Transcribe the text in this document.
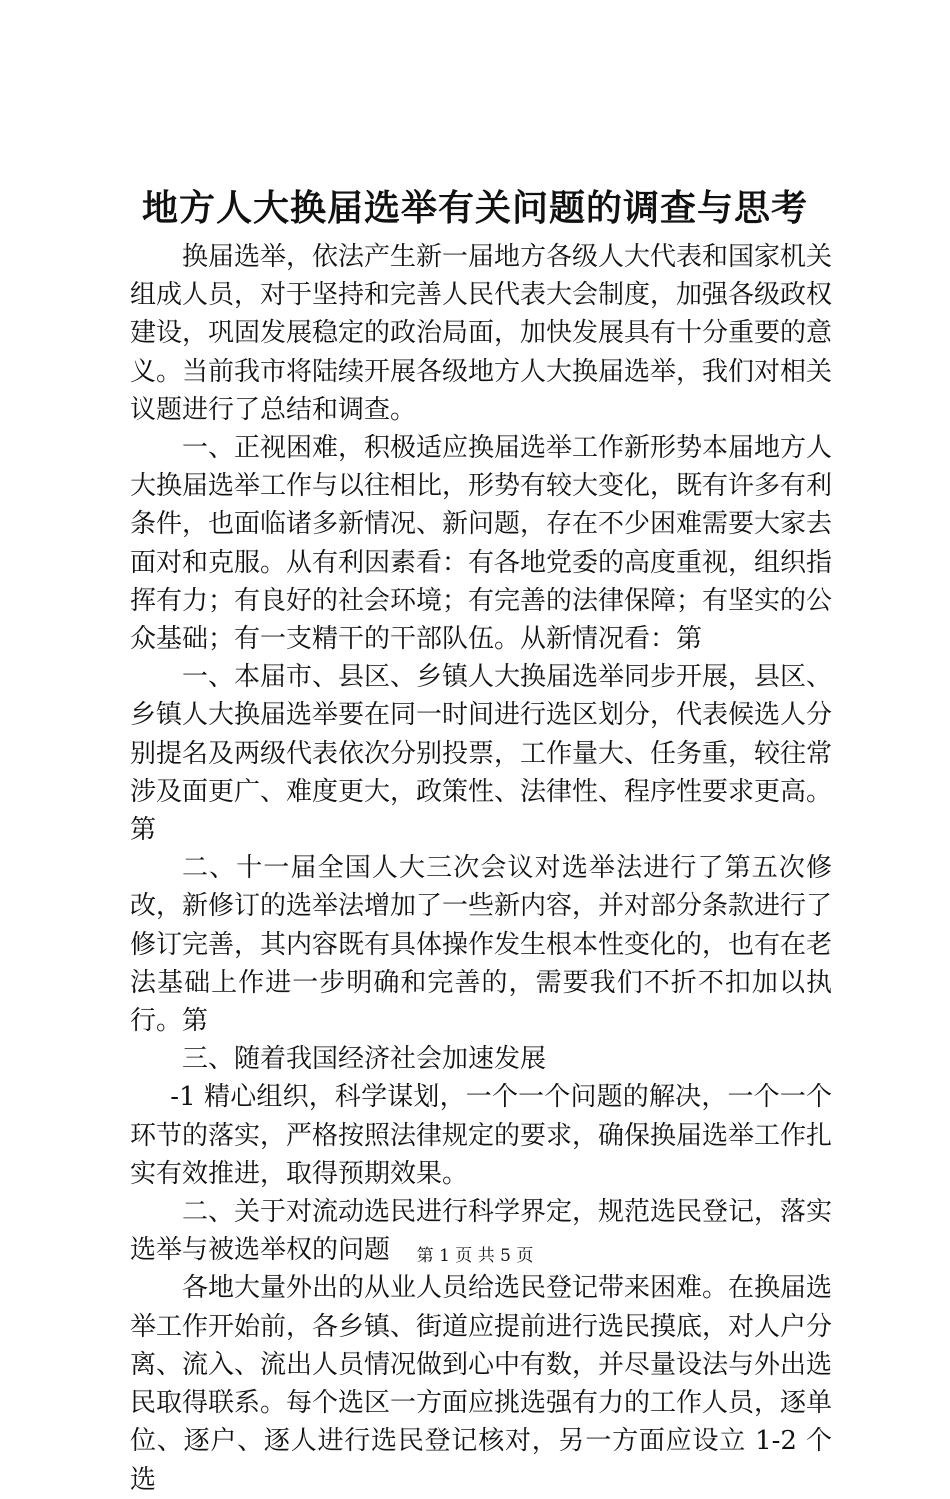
地方人大换届选举有关问题的调查与思考

换届选举，依法产生新一届地方各级人大代表和国家机关组成人员，对于坚持和完善人民代表大会制度，加强各级政权建设，巩固发展稳定的政治局面，加快发展具有十分重要的意义。当前我市将陆续开展各级地方人大换届选举，我们对相关议题进行了总结和调查。

一、正视困难，积极适应换届选举工作新形势本届地方人大换届选举工作与以往相比，形势有较大变化，既有许多有利条件，也面临诸多新情况、新问题，存在不少困难需要大家去面对和克服。从有利因素看：有各地党委的高度重视，组织指挥有力；有良好的社会环境；有完善的法律保障；有坚实的公众基础；有一支精干的干部队伍。从新情况看：第

一、本届市、县区、乡镇人大换届选举同步开展，县区、乡镇人大换届选举要在同一时间进行选区划分，代表候选人分别提名及两级代表依次分别投票，工作量大、任务重，较往常涉及面更广、难度更大，政策性、法律性、程序性要求更高。第

二、十一届全国人大三次会议对选举法进行了第五次修改，新修订的选举法增加了一些新内容，并对部分条款进行了修订完善，其内容既有具体操作发生根本性变化的，也有在老法基础上作进一步明确和完善的，需要我们不折不扣加以执行。第

三、随着我国经济社会加速发展

-1 精心组织，科学谋划，一个一个问题的解决，一个一个环节的落实，严格按照法律规定的要求，确保换届选举工作扎实有效推进，取得预期效果。

二、关于对流动选民进行科学界定，规范选民登记，落实选举与被选举权的问题

各地大量外出的从业人员给选民登记带来困难。在换届选举工作开始前，各乡镇、街道应提前进行选民摸底，对人户分离、流入、流出人员情况做到心中有数，并尽量设法与外出选民取得联系。每个选区一方面应挑选强有力的工作人员，逐单位、逐户、逐人进行选民登记核对，另一方面应设立 1-2 个选

第 1 页 共 5 页
